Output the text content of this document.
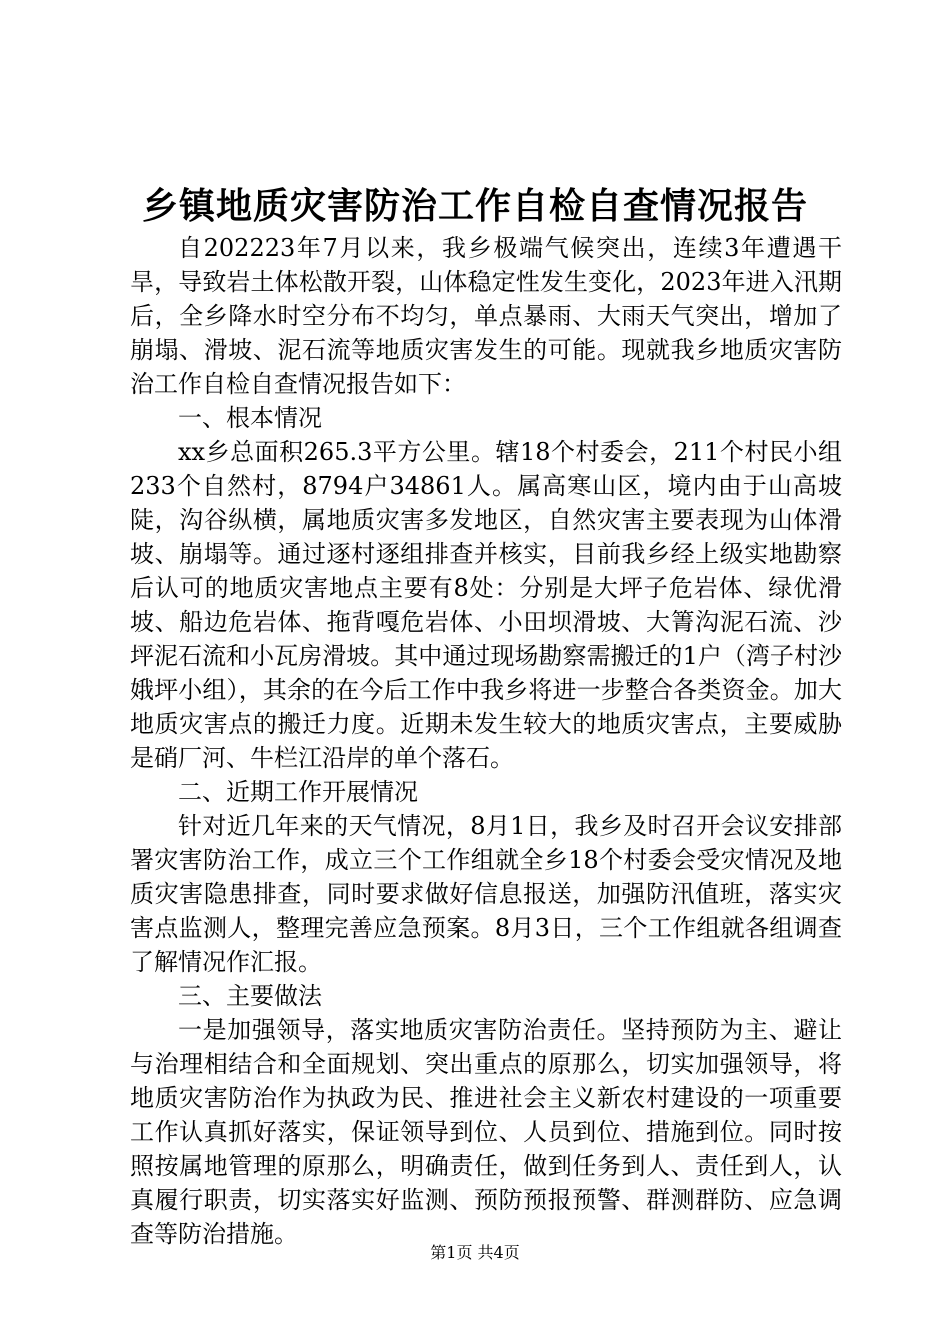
乡镇地质灾害防治工作自检自查情况报告

自202223年7月以来，我乡极端气候突出，连续3年遭遇干旱，导致岩土体松散开裂，山体稳定性发生变化，2023年进入汛期后，全乡降水时空分布不均匀，单点暴雨、大雨天气突出，增加了崩塌、滑坡、泥石流等地质灾害发生的可能。现就我乡地质灾害防治工作自检自查情况报告如下：

一、根本情况

xx乡总面积265.3平方公里。辖18个村委会，211个村民小组233个自然村，8794户34861人。属高寒山区，境内由于山高坡陡，沟谷纵横，属地质灾害多发地区，自然灾害主要表现为山体滑坡、崩塌等。通过逐村逐组排查并核实，目前我乡经上级实地勘察后认可的地质灾害地点主要有8处：分别是大坪子危岩体、绿优滑坡、船边危岩体、拖背嘎危岩体、小田坝滑坡、大箐沟泥石流、沙坪泥石流和小瓦房滑坡。其中通过现场勘察需搬迁的1户（湾子村沙娥坪小组），其余的在今后工作中我乡将进一步整合各类资金。加大地质灾害点的搬迁力度。近期未发生较大的地质灾害点，主要威胁是硝厂河、牛栏江沿岸的单个落石。

二、近期工作开展情况

针对近几年来的天气情况，8月1日，我乡及时召开会议安排部署灾害防治工作，成立三个工作组就全乡18个村委会受灾情况及地质灾害隐患排查，同时要求做好信息报送，加强防汛值班，落实灾害点监测人，整理完善应急预案。8月3日，三个工作组就各组调查了解情况作汇报。

三、主要做法

一是加强领导，落实地质灾害防治责任。坚持预防为主、避让与治理相结合和全面规划、突出重点的原那么，切实加强领导，将地质灾害防治作为执政为民、推进社会主义新农村建设的一项重要工作认真抓好落实，保证领导到位、人员到位、措施到位。同时按照按属地管理的原那么，明确责任，做到任务到人、责任到人，认真履行职责，切实落实好监测、预防预报预警、群测群防、应急调查等防治措施。

第1页 共4页
